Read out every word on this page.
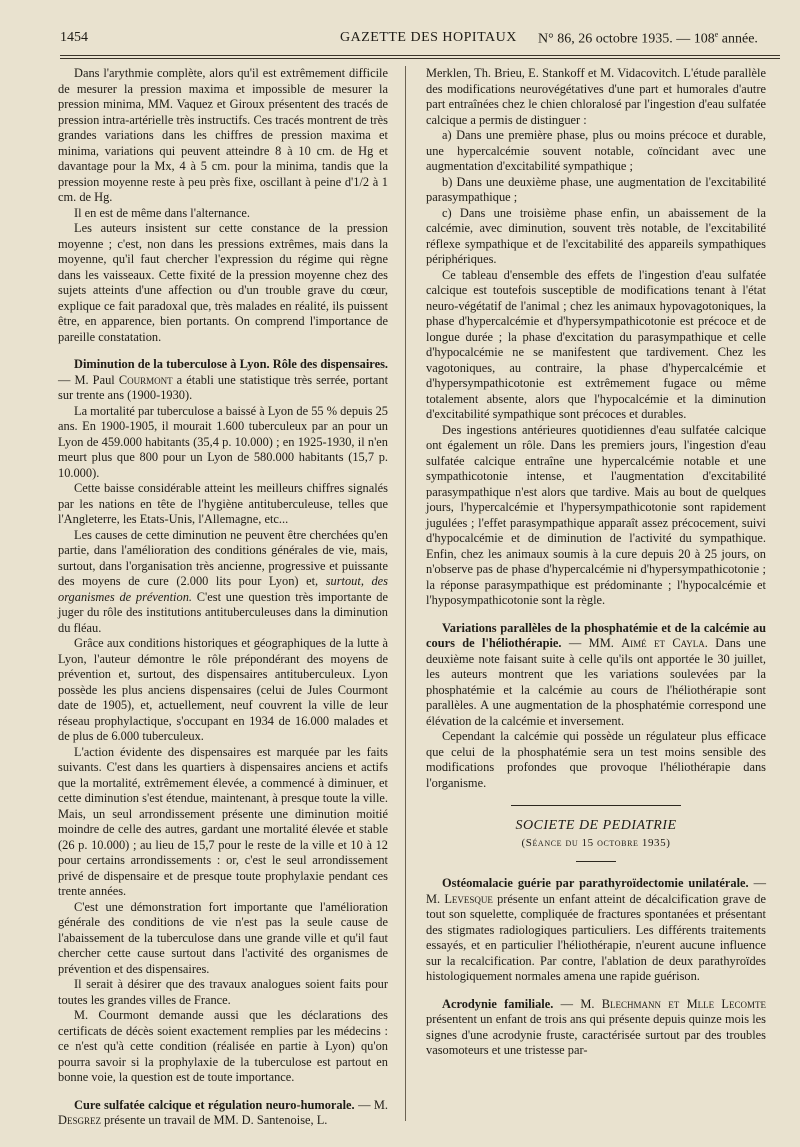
1454	GAZETTE DES HOPITAUX N° 86, 26 octobre 1935. — 108e année.

Dans l'arythmie complète, alors qu'il est extrêmement difficile de mesurer la pression maxima et impossible de mesurer la pression minima, MM. Vaquez et Giroux présentent des tracés de pression intra-artérielle très instructifs. Ces tracés montrent de très grandes variations dans les chiffres de pression maxima et minima, variations qui peuvent atteindre 8 à 10 cm. de Hg et davantage pour la Mx, 4 à 5 cm. pour la minima, tandis que la pression moyenne reste à peu près fixe, oscillant à peine d'1/2 à 1 cm. de Hg.

Il en est de même dans l'alternance.

Les auteurs insistent sur cette constance de la pression moyenne ; c'est, non dans les pressions extrêmes, mais dans la moyenne, qu'il faut chercher l'expression du régime qui règne dans les vaisseaux. Cette fixité de la pression moyenne chez des sujets atteints d'une affection ou d'un trouble grave du cœur, explique ce fait paradoxal que, très malades en réalité, ils puissent être, en apparence, bien portants. On comprend l'importance de pareille constatation.

Diminution de la tuberculose à Lyon. Rôle des dispensaires. — M. Paul Courmont a établi une statistique très serrée, portant sur trente ans (1900-1930).

La mortalité par tuberculose a baissé à Lyon de 55 % depuis 25 ans. En 1900-1905, il mourait 1.600 tuberculeux par an pour un Lyon de 459.000 habitants (35,4 p. 10.000) ; en 1925-1930, il n'en meurt plus que 800 pour un Lyon de 580.000 habitants (15,7 p. 10.000).

Cette baisse considérable atteint les meilleurs chiffres signalés par les nations en tête de l'hygiène antituberculeuse, telles que l'Angleterre, les Etats-Unis, l'Allemagne, etc...

Les causes de cette diminution ne peuvent être cherchées qu'en partie, dans l'amélioration des conditions générales de vie, mais, surtout, dans l'organisation très ancienne, progressive et puissante des moyens de cure (2.000 lits pour Lyon) et, surtout, des organismes de prévention. C'est une question très importante de juger du rôle des institutions antituberculeuses dans la diminution du fléau.

Grâce aux conditions historiques et géographiques de la lutte à Lyon, l'auteur démontre le rôle prépondérant des moyens de prévention et, surtout, des dispensaires antituberculeux. Lyon possède les plus anciens dispensaires (celui de Jules Courmont date de 1905), et, actuellement, neuf couvrent la ville de leur réseau prophylactique, s'occupant en 1934 de 16.000 malades et de plus de 6.000 tuberculeux.

L'action évidente des dispensaires est marquée par les faits suivants. C'est dans les quartiers à dispensaires anciens et actifs que la mortalité, extrêmement élevée, a commencé à diminuer, et cette diminution s'est étendue, maintenant, à presque toute la ville. Mais, un seul arrondissement présente une diminution moitié moindre de celle des autres, gardant une mortalité élevée et stable (26 p. 10.000) ; au lieu de 15,7 pour le reste de la ville et 10 à 12 pour certains arrondissements : or, c'est le seul arrondissement privé de dispensaire et de presque toute prophylaxie pendant ces trente années.

C'est une démonstration fort importante que l'amélioration générale des conditions de vie n'est pas la seule cause de l'abaissement de la tuberculose dans une grande ville et qu'il faut chercher cette cause surtout dans l'activité des organismes de prévention et des dispensaires.

Il serait à désirer que des travaux analogues soient faits pour toutes les grandes villes de France.

M. Courmont demande aussi que les déclarations des certificats de décès soient exactement remplies par les médecins : ce n'est qu'à cette condition (réalisée en partie à Lyon) qu'on pourra savoir si la prophylaxie de la tuberculose est partout en bonne voie, la question est de toute importance.

Cure sulfatée calcique et régulation neuro-humorale. — M. Desgrez présente un travail de MM. D. Santenoise, L.

Merklen, Th. Brieu, E. Stankoff et M. Vidacovitch. L'étude parallèle des modifications neurovégétatives d'une part et humorales d'autre part entraînées chez le chien chloralosé par l'ingestion d'eau sulfatée calcique a permis de distinguer :

a) Dans une première phase, plus ou moins précoce et durable, une hypercalcémie souvent notable, coïncidant avec une augmentation d'excitabilité sympathique ;

b) Dans une deuxième phase, une augmentation de l'excitabilité parasympathique ;

c) Dans une troisième phase enfin, un abaissement de la calcémie, avec diminution, souvent très notable, de l'excitabilité réflexe sympathique et de l'excitabilité des appareils sympathiques périphériques.

Ce tableau d'ensemble des effets de l'ingestion d'eau sulfatée calcique est toutefois susceptible de modifications tenant à l'état neuro-végétatif de l'animal ; chez les animaux hypovagotoniques, la phase d'hypercalcémie et d'hypersympathicotonie est précoce et de longue durée ; la phase d'excitation du parasympathique et celle d'hypocalcémie ne se manifestent que tardivement. Chez les vagotoniques, au contraire, la phase d'hypercalcémie et d'hypersympathicotonie est extrêmement fugace ou même totalement absente, alors que l'hypocalcémie et la diminution d'excitabilité sympathique sont précoces et durables.

Des ingestions antérieures quotidiennes d'eau sulfatée calcique ont également un rôle. Dans les premiers jours, l'ingestion d'eau sulfatée calcique entraîne une hypercalcémie notable et une sympathicotonie intense, et l'augmentation d'excitabilité parasympathique n'est alors que tardive. Mais au bout de quelques jours, l'hypercalcémie et l'hypersympathicotonie sont rapidement jugulées ; l'effet parasympathique apparaît assez précocement, suivi d'hypocalcémie et de diminution de l'activité du sympathique. Enfin, chez les animaux soumis à la cure depuis 20 à 25 jours, on n'observe pas de phase d'hypercalcémie ni d'hypersympathicotonie ; la réponse parasympathique est prédominante ; l'hypocalcémie et l'hyposympathicotonie sont la règle.

Variations parallèles de la phosphatémie et de la calcémie au cours de l'héliothérapie. — MM. Aimé et Cayla. Dans une deuxième note faisant suite à celle qu'ils ont apportée le 30 juillet, les auteurs montrent que les variations soulevées par la phosphatémie et la calcémie au cours de l'héliothérapie sont parallèles. A une augmentation de la phosphatémie correspond une élévation de la calcémie et inversement.

Cependant la calcémie qui possède un régulateur plus efficace que celui de la phosphatémie sera un test moins sensible des modifications profondes que provoque l'héliothérapie dans l'organisme.

SOCIETE DE PEDIATRIE
(Séance du 15 octobre 1935)

Ostéomalacie guérie par parathyroïdectomie unilatérale. — M. Levesque présente un enfant atteint de décalcification grave de tout son squelette, compliquée de fractures spontanées et présentant des stigmates radiologiques particuliers. Les différents traitements essayés, et en particulier l'héliothérapie, n'eurent aucune influence sur la recalcification. Par contre, l'ablation de deux parathyroïdes histologiquement normales amena une rapide guérison.

Acrodynie familiale. — M. Blechmann et Mlle Lecomte présentent un enfant de trois ans qui présente depuis quinze mois les signes d'une acrodynie fruste, caractérisée surtout par des troubles vasomoteurs et une tristesse par-
